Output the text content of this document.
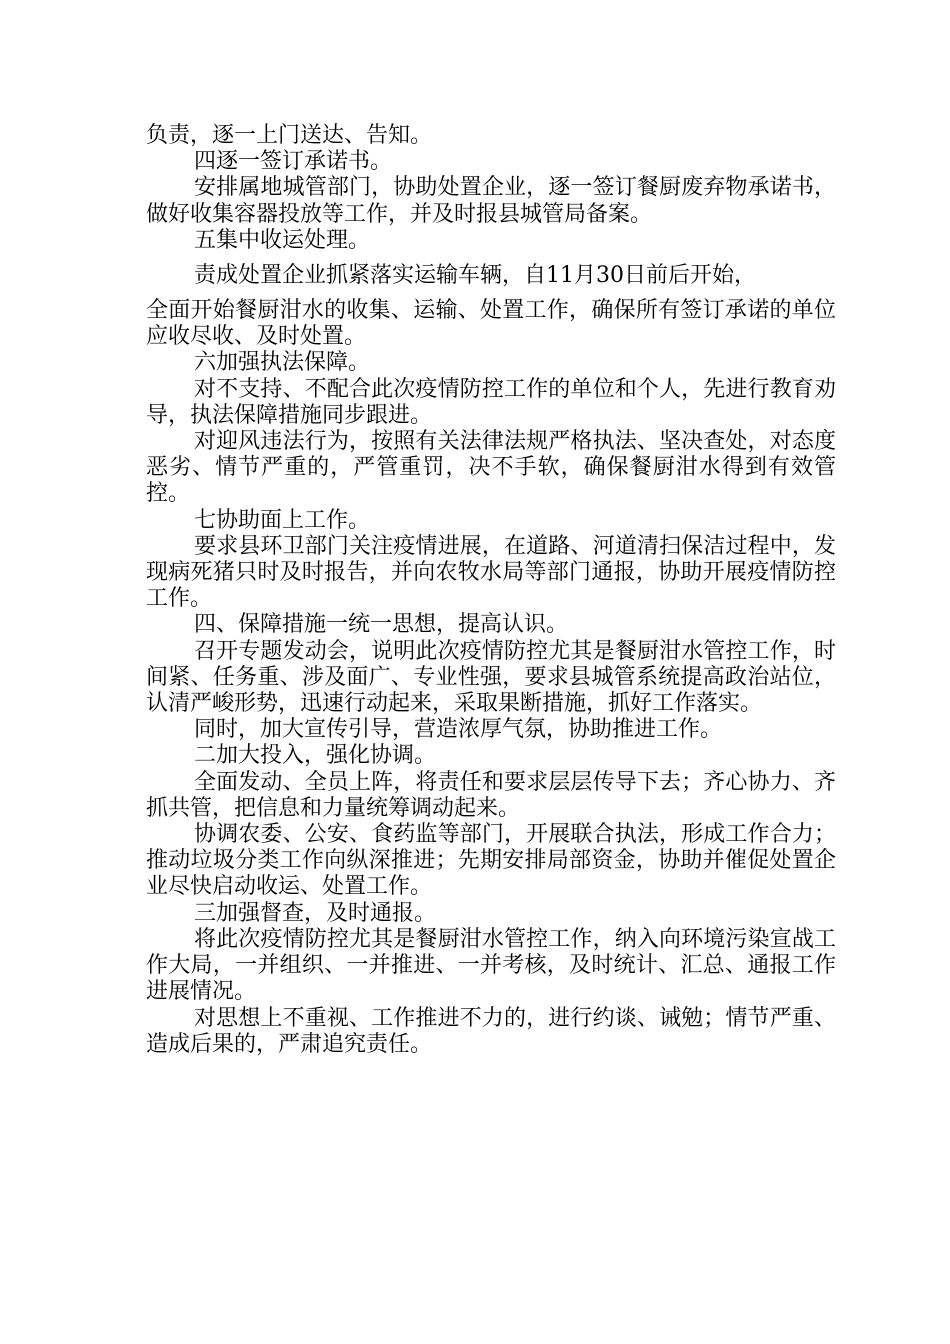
负责，逐一上门送达、告知。

四逐一签订承诺书。

安排属地城管部门，协助处置企业，逐一签订餐厨废弃物承诺书，做好收集容器投放等工作，并及时报县城管局备案。

五集中收运处理。

责成处置企业抓紧落实运输车辆，自11月30日前后开始，

全面开始餐厨泔水的收集、运输、处置工作，确保所有签订承诺的单位应收尽收、及时处置。

六加强执法保障。

对不支持、不配合此次疫情防控工作的单位和个人，先进行教育劝导，执法保障措施同步跟进。

对迎风违法行为，按照有关法律法规严格执法、坚决查处，对态度恶劣、情节严重的，严管重罚，决不手软，确保餐厨泔水得到有效管控。

七协助面上工作。

要求县环卫部门关注疫情进展，在道路、河道清扫保洁过程中，发现病死猪只时及时报告，并向农牧水局等部门通报，协助开展疫情防控工作。

四、保障措施一统一思想，提高认识。

召开专题发动会，说明此次疫情防控尤其是餐厨泔水管控工作，时间紧、任务重、涉及面广、专业性强，要求县城管系统提高政治站位，认清严峻形势，迅速行动起来，采取果断措施，抓好工作落实。

同时，加大宣传引导，营造浓厚气氛，协助推进工作。

二加大投入，强化协调。

全面发动、全员上阵，将责任和要求层层传导下去；齐心协力、齐抓共管，把信息和力量统筹调动起来。

协调农委、公安、食药监等部门，开展联合执法，形成工作合力；推动垃圾分类工作向纵深推进；先期安排局部资金，协助并催促处置企业尽快启动收运、处置工作。

三加强督查，及时通报。

将此次疫情防控尤其是餐厨泔水管控工作，纳入向环境污染宣战工作大局，一并组织、一并推进、一并考核，及时统计、汇总、通报工作进展情况。

对思想上不重视、工作推进不力的，进行约谈、诫勉；情节严重、造成后果的，严肃追究责任。
